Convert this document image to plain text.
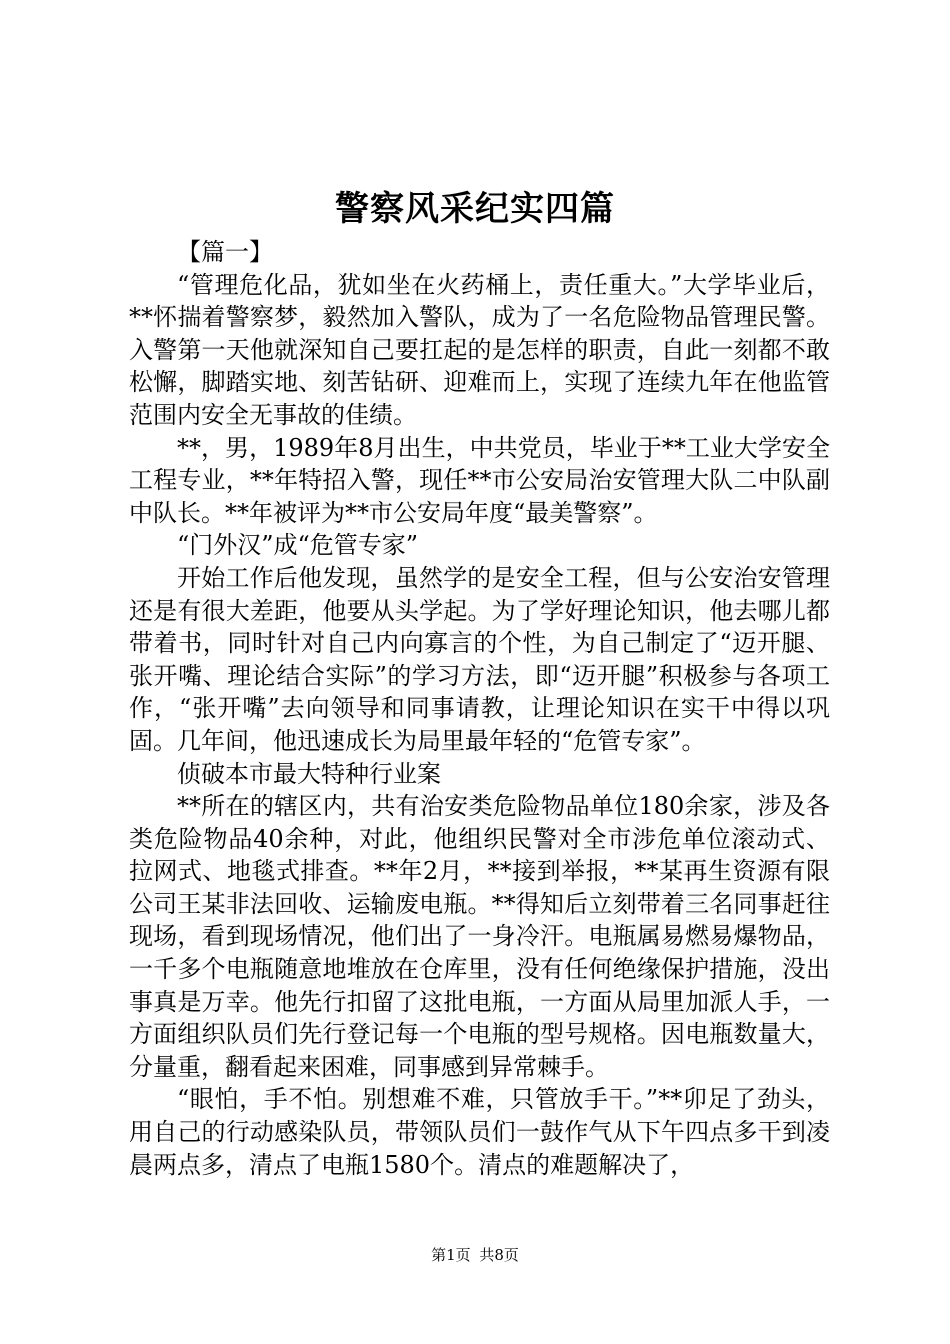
警察风采纪实四篇

【篇一】

“管理危化品，犹如坐在火药桶上，责任重大。”大学毕业后，**怀揣着警察梦，毅然加入警队，成为了一名危险物品管理民警。入警第一天他就深知自己要扛起的是怎样的职责，自此一刻都不敢松懈，脚踏实地、刻苦钻研、迎难而上，实现了连续九年在他监管范围内安全无事故的佳绩。

**，男，1989年8月出生，中共党员，毕业于**工业大学安全工程专业，**年特招入警，现任**市公安局治安管理大队二中队副中队长。**年被评为**市公安局年度“最美警察”。

“门外汉”成“危管专家”

开始工作后他发现，虽然学的是安全工程，但与公安治安管理还是有很大差距，他要从头学起。为了学好理论知识，他去哪儿都带着书，同时针对自己内向寡言的个性，为自己制定了“迈开腿、张开嘴、理论结合实际”的学习方法，即“迈开腿”积极参与各项工作，“张开嘴”去向领导和同事请教，让理论知识在实干中得以巩固。几年间，他迅速成长为局里最年轻的“危管专家”。

侦破本市最大特种行业案

**所在的辖区内，共有治安类危险物品单位180余家，涉及各类危险物品40余种，对此，他组织民警对全市涉危单位滚动式、拉网式、地毯式排查。**年2月，**接到举报，**某再生资源有限公司王某非法回收、运输废电瓶。**得知后立刻带着三名同事赶往现场，看到现场情况，他们出了一身冷汗。电瓶属易燃易爆物品，一千多个电瓶随意地堆放在仓库里，没有任何绝缘保护措施，没出事真是万幸。他先行扣留了这批电瓶，一方面从局里加派人手，一方面组织队员们先行登记每一个电瓶的型号规格。因电瓶数量大，分量重，翻看起来困难，同事感到异常棘手。

“眼怕，手不怕。别想难不难，只管放手干。”**卯足了劲头，用自己的行动感染队员，带领队员们一鼓作气从下午四点多干到凌晨两点多，清点了电瓶1580个。清点的难题解决了，

第1页 共8页
